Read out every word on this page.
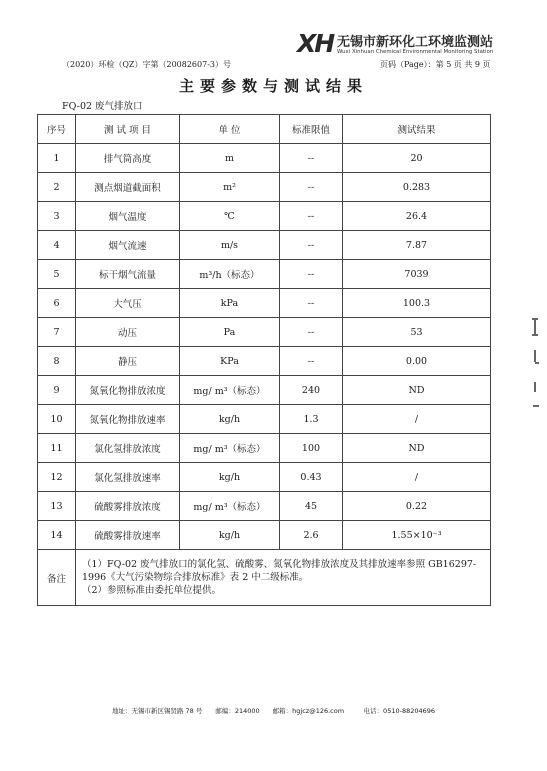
XH 无锡市新环化工环境监测站
Wuxi Xinhuan Chemical Environmental Monitoring Station
（2020）环检（QZ）字第（20082607-3）号	页码（Page）：第 5 页 共 9 页
主要参数与测试结果
FQ-02 废气排放口
序号	测 试 项 目	单 位	标准限值	测试结果
1	排气筒高度	m	--	20
2	测点烟道截面积	m²	--	0.283
3	烟气温度	℃	--	26.4
4	烟气流速	m/s	--	7.87
5	标干烟气流量	m³/h（标态）	--	7039
6	大气压	kPa	--	100.3
7	动压	Pa	--	53
8	静压	KPa	--	0.00
9	氮氧化物排放浓度	mg/ m³（标态）	240	ND
10	氮氧化物排放速率	kg/h	1.3	/
11	氯化氢排放浓度	mg/ m³（标态）	100	ND
12	氯化氢排放速率	kg/h	0.43	/
13	硫酸雾排放浓度	mg/ m³（标态）	45	0.22
14	硫酸雾排放速率	kg/h	2.6	1.55×10⁻³
备注	（1）FQ-02 废气排放口的氯化氢、硫酸雾、氮氧化物排放浓度及其排放速率参照 GB16297-1996《大气污染物综合排放标准》表 2 中二级标准。
（2）参照标准由委托单位提供。			
地址：无锡市新区锡贤路 78 号　　邮编：214000　　邮箱：hgjcz@126.com　　　电话：0510-88204696
